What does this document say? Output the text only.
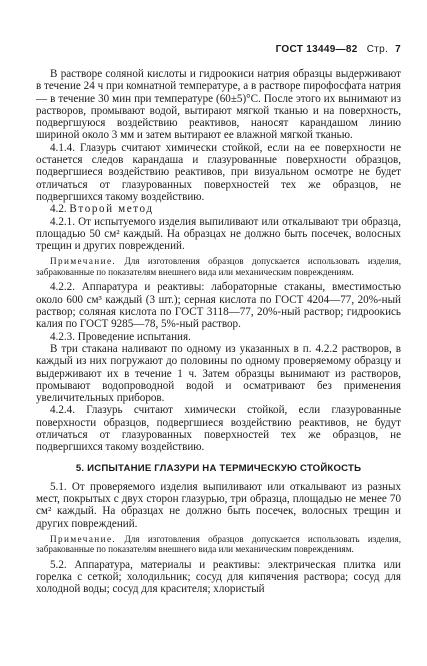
ГОСТ 13449—82 Стр. 7

В растворе соляной кислоты и гидроокиси натрия образцы выдерживают в течение 24 ч при комнатной температуре, а в растворе пирофосфата натрия — в течение 30 мин при температуре (60±5)°C. После этого их вынимают из растворов, промывают водой, вытирают мягкой тканью и на поверхность, подвергшуюся воздействию реактивов, наносят карандашом линию шириной около 3 мм и затем вытирают ее влажной мягкой тканью.

4.1.4. Глазурь считают химически стойкой, если на ее поверхности не останется следов карандаша и глазурованные поверхности образцов, подвергшиеся воздействию реактивов, при визуальном осмотре не будет отличаться от глазурованных поверхностей тех же образцов, не подвергшихся такому воздействию.

4.2. Второй метод

4.2.1. От испытуемого изделия выпиливают или откалывают три образца, площадью 50 см² каждый. На образцах не должно быть посечек, волосных трещин и других повреждений.

Примечание. Для изготовления образцов допускается использовать изделия, забракованные по показателям внешнего вида или механическим повреждениям.

4.2.2. Аппаратура и реактивы: лабораторные стаканы, вместимостью около 600 см³ каждый (3 шт.); серная кислота по ГОСТ 4204—77, 20%-ный раствор; соляная кислота по ГОСТ 3118—77, 20%-ный раствор; гидроокись калия по ГОСТ 9285—78, 5%-ный раствор.

4.2.3. Проведение испытания.

В три стакана наливают по одному из указанных в п. 4.2.2 растворов, в каждый из них погружают до половины по одному проверяемому образцу и выдерживают их в течение 1 ч. Затем образцы вынимают из растворов, промывают водопроводной водой и осматривают без применения увеличительных приборов.

4.2.4. Глазурь считают химически стойкой, если глазурованные поверхности образцов, подвергшиеся воздействию реактивов, не будут отличаться от глазурованных поверхностей тех же образцов, не подвергшихся такому воздействию.

5. ИСПЫТАНИЕ ГЛАЗУРИ НА ТЕРМИЧЕСКУЮ СТОЙКОСТЬ

5.1. От проверяемого изделия выпиливают или откалывают из разных мест, покрытых с двух сторон глазурью, три образца, площадью не менее 70 см² каждый. На образцах не должно быть посечек, волосных трещин и других повреждений.

Примечание. Для изготовления образцов допускается использовать изделия, забракованные по показателям внешнего вида или механическим повреждениям.

5.2. Аппаратура, материалы и реактивы: электрическая плитка или горелка с сеткой; холодильник; сосуд для кипячения раствора; сосуд для холодной воды; сосуд для красителя; хлористый
